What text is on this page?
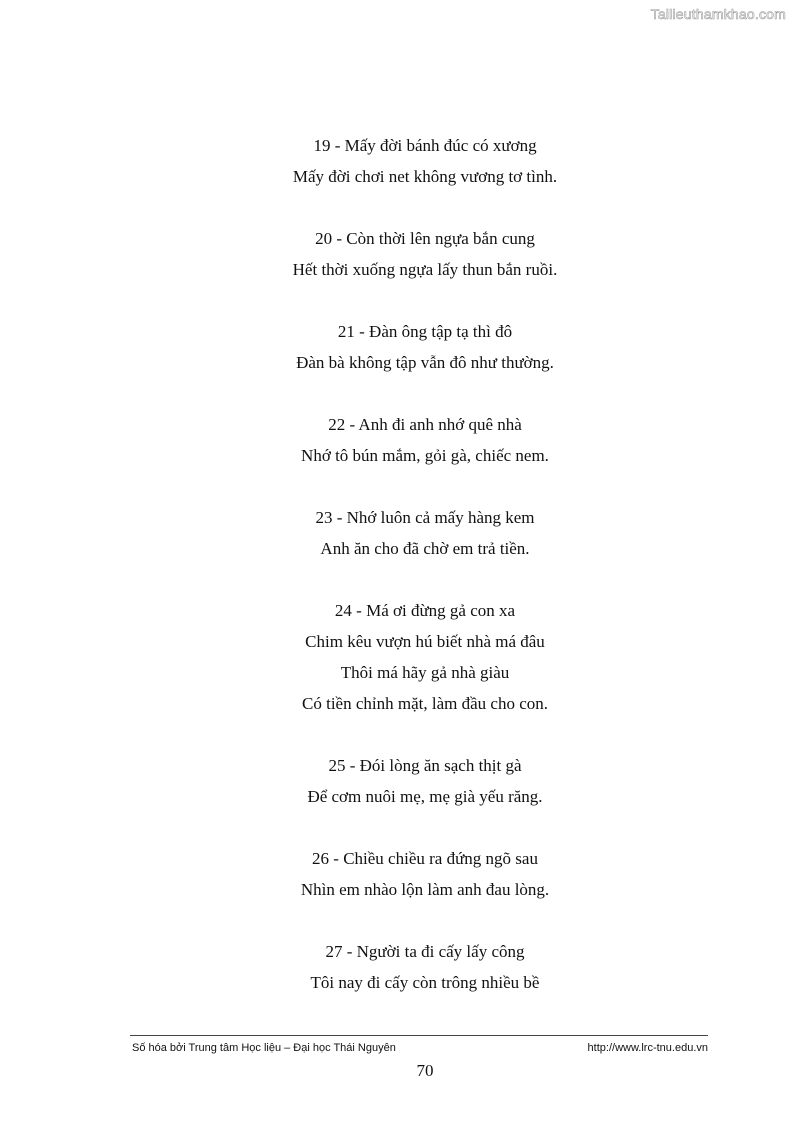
Tailieuthamkhao.com
19 - Mấy đời bánh đúc có xương
Mấy đời chơi net không vương tơ tình.
20 - Còn thời lên ngựa bắn cung
Hết thời xuống ngựa lấy thun bắn ruồi.
21 - Đàn ông tập tạ thì đô
Đàn bà không tập vẫn đô như thường.
22 - Anh đi anh nhớ quê nhà
Nhớ tô bún mắm, gỏi gà, chiếc nem.
23 - Nhớ luôn cả mấy hàng kem
Anh ăn cho đã chờ em trả tiền.
24 - Má ơi đừng gả con xa
Chim kêu vượn hú biết nhà má đâu
Thôi má hãy gả nhà giàu
Có tiền chỉnh mặt, làm đầu cho con.
25 - Đói lòng ăn sạch thịt gà
Để cơm nuôi mẹ, mẹ già yếu răng.
26 - Chiều chiều ra đứng ngõ sau
Nhìn em nhào lộn làm anh đau lòng.
27 - Người ta đi cấy lấy công
Tôi nay đi cấy còn trông nhiều bề
Số hóa bởi Trung tâm Học liệu – Đại học Thái Nguyên	http://www.lrc-tnu.edu.vn
70
